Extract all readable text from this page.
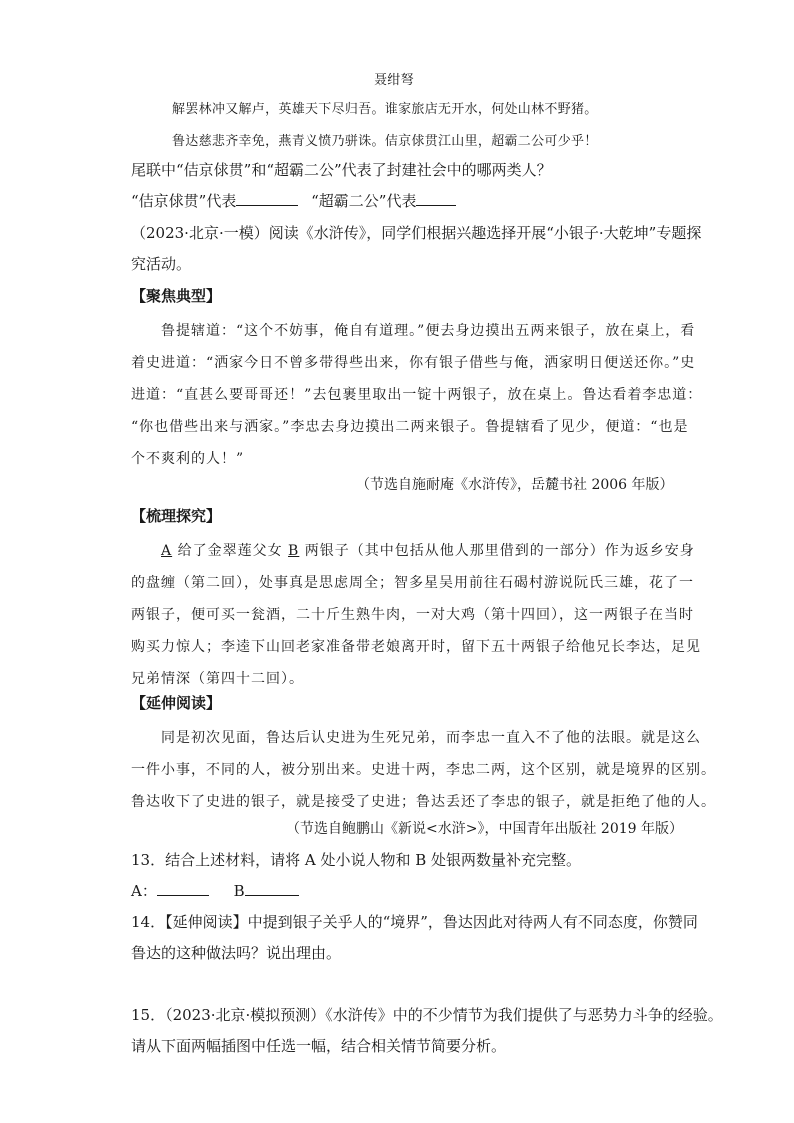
聂绀弩
解罢林冲又解卢，英雄天下尽归吾。谁家旅店无开水，何处山林不野猪。
鲁达慈悲齐幸免，燕青义愤乃骈诛。佶京俅贯江山里，超霸二公可少乎！
尾联中“佶京俅贯”和“超霸二公”代表了封建社会中的哪两类人？
“佶京俅贯”代表	“超霸二公”代表
（2023·北京·一模）阅读《水浒传》，同学们根据兴趣选择开展“小银子·大乾坤”专题探
究活动。
【聚焦典型】
鲁提辖道：“这个不妨事，俺自有道理。”便去身边摸出五两来银子，放在桌上，看
着史进道：“洒家今日不曾多带得些出来，你有银子借些与俺，洒家明日便送还你。”史
进道：“直甚么要哥哥还！”去包裹里取出一锭十两银子，放在桌上。鲁达看着李忠道：
“你也借些出来与洒家。”李忠去身边摸出二两来银子。鲁提辖看了见少，便道：“也是
个不爽利的人！”
（节选自施耐庵《水浒传》，岳麓书社 2006 年版）
【梳理探究】
A 给了金翠莲父女 B 两银子（其中包括从他人那里借到的一部分）作为返乡安身
的盘缠（第二回），处事真是思虑周全；智多星吴用前往石碣村游说阮氏三雄，花了一
两银子，便可买一瓮酒，二十斤生熟牛肉，一对大鸡（第十四回），这一两银子在当时
购买力惊人；李逵下山回老家准备带老娘离开时，留下五十两银子给他兄长李达，足见
兄弟情深（第四十二回）。
【延伸阅读】
同是初次见面，鲁达后认史进为生死兄弟，而李忠一直入不了他的法眼。就是这么
一件小事，不同的人，被分别出来。史进十两，李忠二两，这个区别，就是境界的区别。
鲁达收下了史进的银子，就是接受了史进；鲁达丢还了李忠的银子，就是拒绝了他的人。
（节选自鲍鹏山《新说<水浒>》，中国青年出版社 2019 年版）
13．结合上述材料，请将 A 处小说人物和 B 处银两数量补充完整。
A：	B
14．【延伸阅读】中提到银子关乎人的“境界”，鲁达因此对待两人有不同态度，你赞同
鲁达的这种做法吗？说出理由。
15．（2023·北京·模拟预测）《水浒传》中的不少情节为我们提供了与恶势力斗争的经验。
请从下面两幅插图中任选一幅，结合相关情节简要分析。
